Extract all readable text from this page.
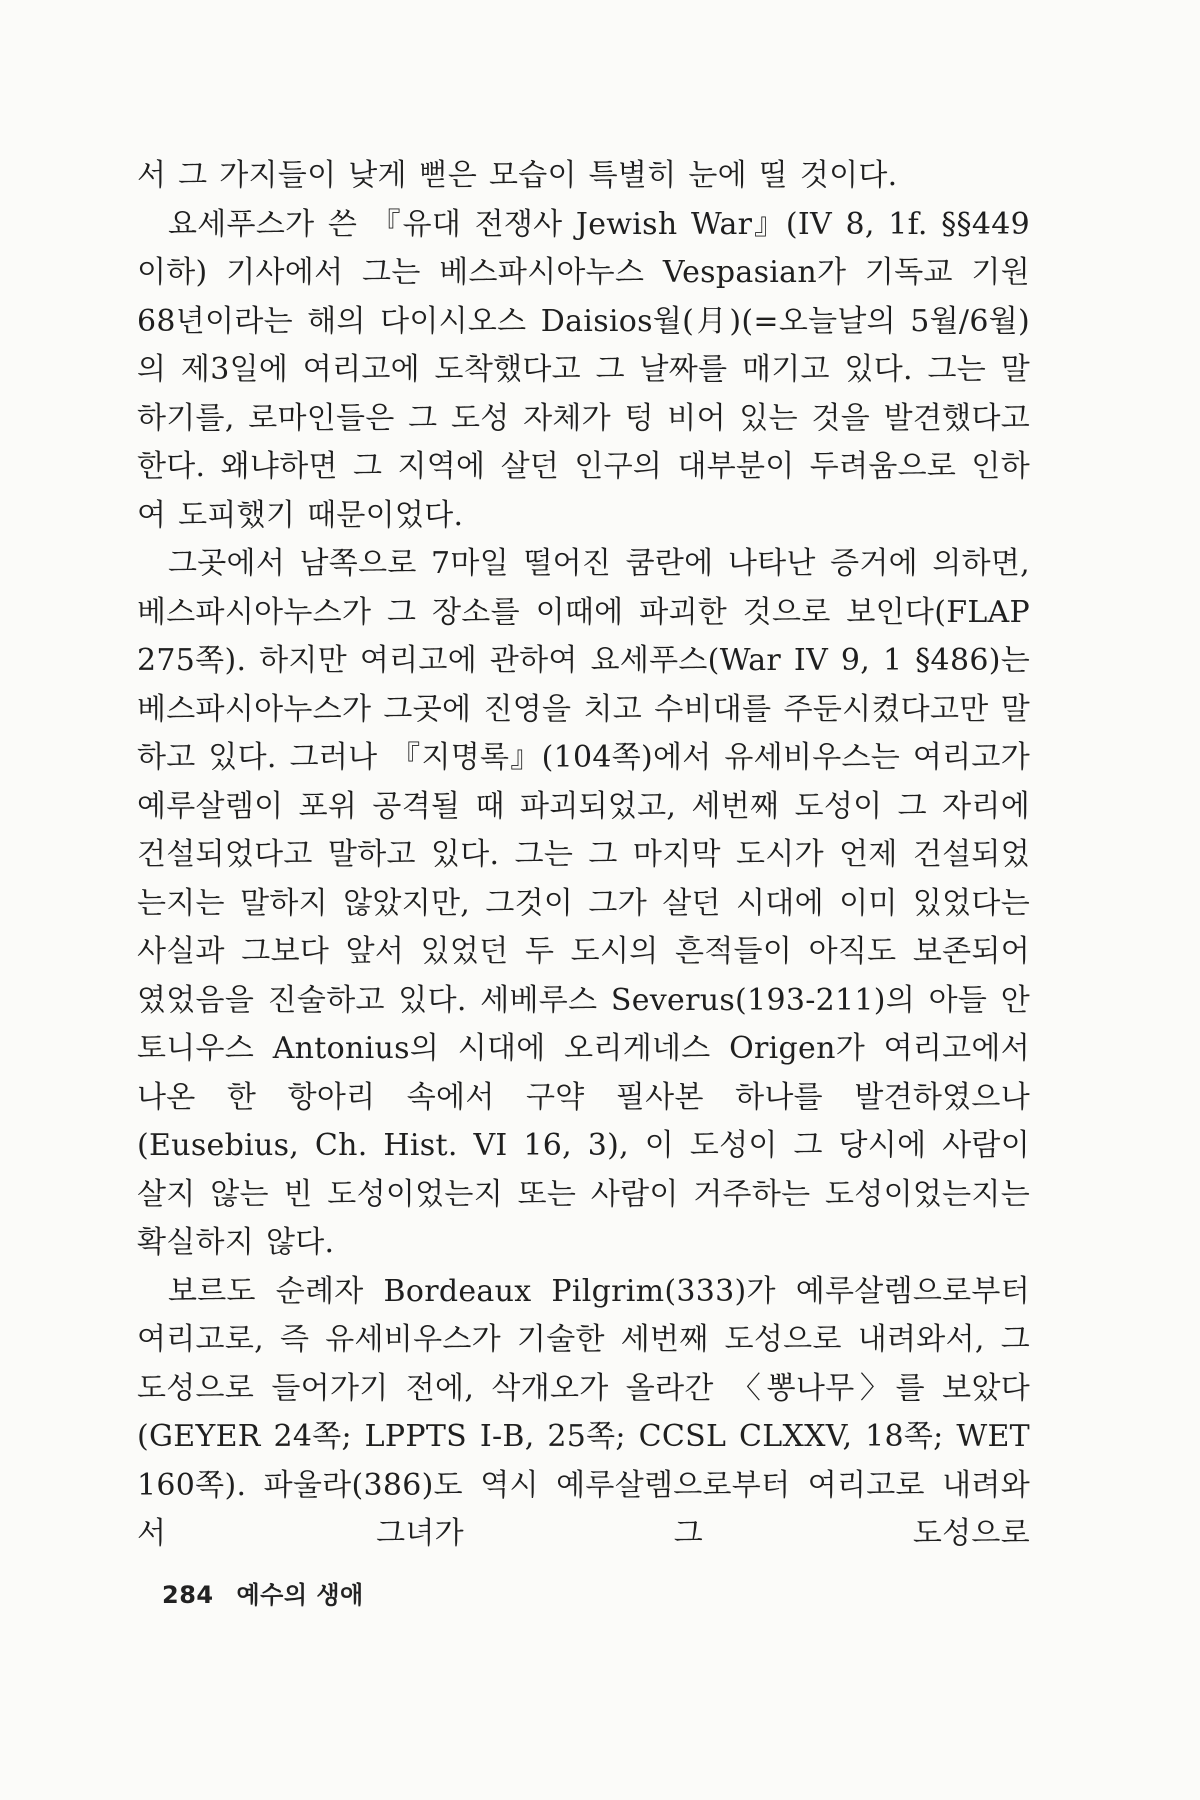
서 그 가지들이 낮게 뻗은 모습이 특별히 눈에 띨 것이다.

요세푸스가 쓴 『유대 전쟁사 Jewish War』(IV 8, 1f. §§449 이하) 기사에서 그는 베스파시아누스 Vespasian가 기독교 기원 68년이라는 해의 다이시오스 Daisios월(月)(=오늘날의 5월/6월)의 제3일에 여리고에 도착했다고 그 날짜를 매기고 있다. 그는 말하기를, 로마인들은 그 도성 자체가 텅 비어 있는 것을 발견했다고 한다. 왜냐하면 그 지역에 살던 인구의 대부분이 두려움으로 인하여 도피했기 때문이었다.

그곳에서 남쪽으로 7마일 떨어진 쿰란에 나타난 증거에 의하면, 베스파시아누스가 그 장소를 이때에 파괴한 것으로 보인다(FLAP 275쪽). 하지만 여리고에 관하여 요세푸스(War IV 9, 1 §486)는 베스파시아누스가 그곳에 진영을 치고 수비대를 주둔시켰다고만 말하고 있다. 그러나 『지명록』(104쪽)에서 유세비우스는 여리고가 예루살렘이 포위 공격될 때 파괴되었고, 세번째 도성이 그 자리에 건설되었다고 말하고 있다. 그는 그 마지막 도시가 언제 건설되었는지는 말하지 않았지만, 그것이 그가 살던 시대에 이미 있었다는 사실과 그보다 앞서 있었던 두 도시의 흔적들이 아직도 보존되어 였었음을 진술하고 있다. 세베루스 Severus(193-211)의 아들 안토니우스 Antonius의 시대에 오리게네스 Origen가 여리고에서 나온 한 항아리 속에서 구약 필사본 하나를 발견하였으나(Eusebius, Ch. Hist. VI 16, 3), 이 도성이 그 당시에 사람이 살지 않는 빈 도성이었는지 또는 사람이 거주하는 도성이었는지는 확실하지 않다.

보르도 순례자 Bordeaux Pilgrim(333)가 예루살렘으로부터 여리고로, 즉 유세비우스가 기술한 세번째 도성으로 내려와서, 그 도성으로 들어가기 전에, 삭개오가 올라간 〈뽕나무〉를 보았다(GEYER 24쪽; LPPTS I-B, 25쪽; CCSL CLXXV, 18쪽; WET 160쪽). 파울라(386)도 역시 예루살렘으로부터 여리고로 내려와서 그녀가 그 도성으로

284 예수의 생애
